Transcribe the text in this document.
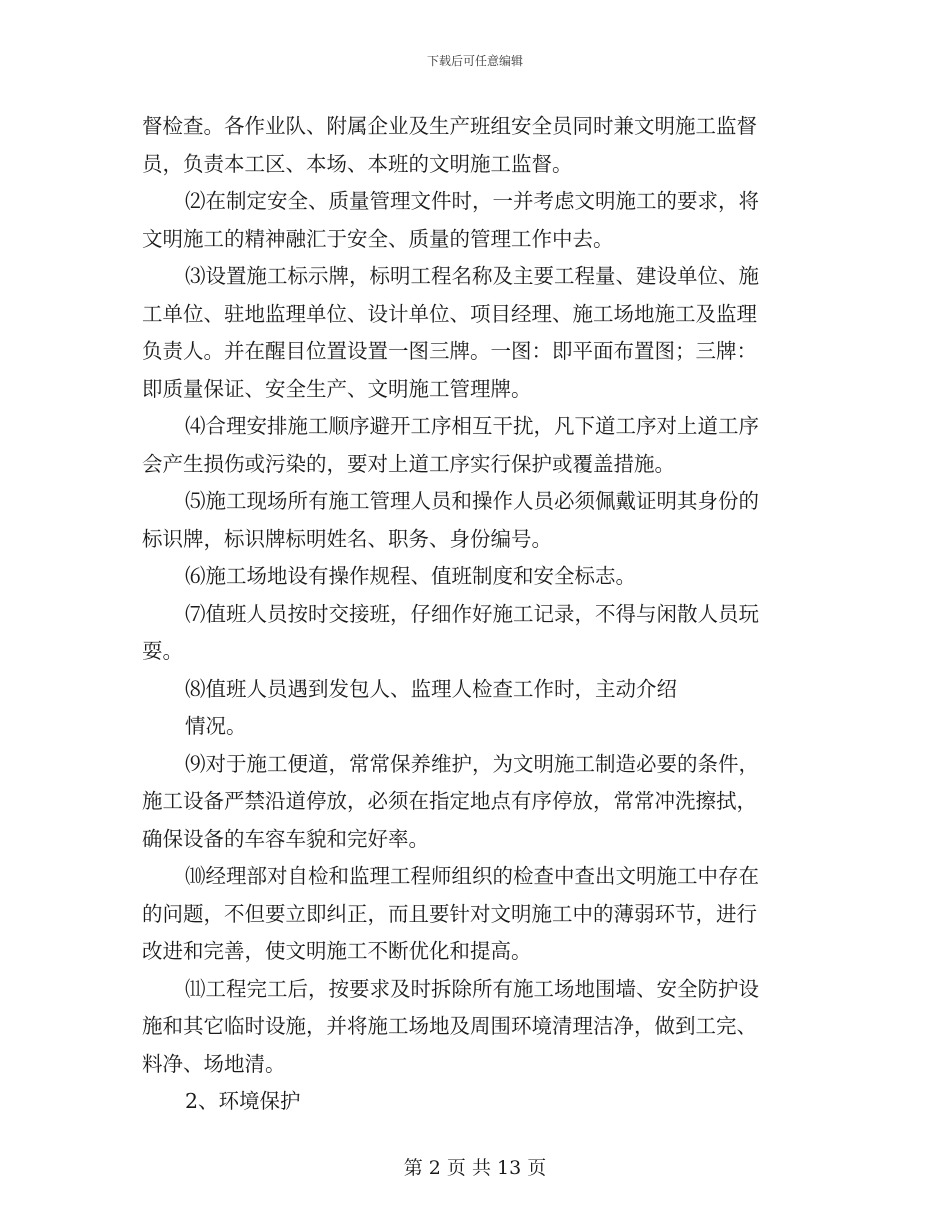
下载后可任意编辑

督检查。各作业队、附属企业及生产班组安全员同时兼文明施工监督

员，负责本工区、本场、本班的文明施工监督。

⑵在制定安全、质量管理文件时，一并考虑文明施工的要求，将

文明施工的精神融汇于安全、质量的管理工作中去。

⑶设置施工标示牌，标明工程名称及主要工程量、建设单位、施

工单位、驻地监理单位、设计单位、项目经理、施工场地施工及监理

负责人。并在醒目位置设置一图三牌。一图：即平面布置图；三牌：

即质量保证、安全生产、文明施工管理牌。

⑷合理安排施工顺序避开工序相互干扰，凡下道工序对上道工序

会产生损伤或污染的，要对上道工序实行保护或覆盖措施。

⑸施工现场所有施工管理人员和操作人员必须佩戴证明其身份的

标识牌，标识牌标明姓名、职务、身份编号。

⑹施工场地设有操作规程、值班制度和安全标志。

⑺值班人员按时交接班，仔细作好施工记录，不得与闲散人员玩

耍。

⑻值班人员遇到发包人、监理人检查工作时，主动介绍

情况。

⑼对于施工便道，常常保养维护，为文明施工制造必要的条件，

施工设备严禁沿道停放，必须在指定地点有序停放，常常冲洗擦拭，

确保设备的车容车貌和完好率。

⑽经理部对自检和监理工程师组织的检查中查出文明施工中存在

的问题，不但要立即纠正，而且要针对文明施工中的薄弱环节，进行

改进和完善，使文明施工不断优化和提高。

⑾工程完工后，按要求及时拆除所有施工场地围墙、安全防护设

施和其它临时设施，并将施工场地及周围环境清理洁净，做到工完、

料净、场地清。

2、环境保护

第 2 页 共 13 页
